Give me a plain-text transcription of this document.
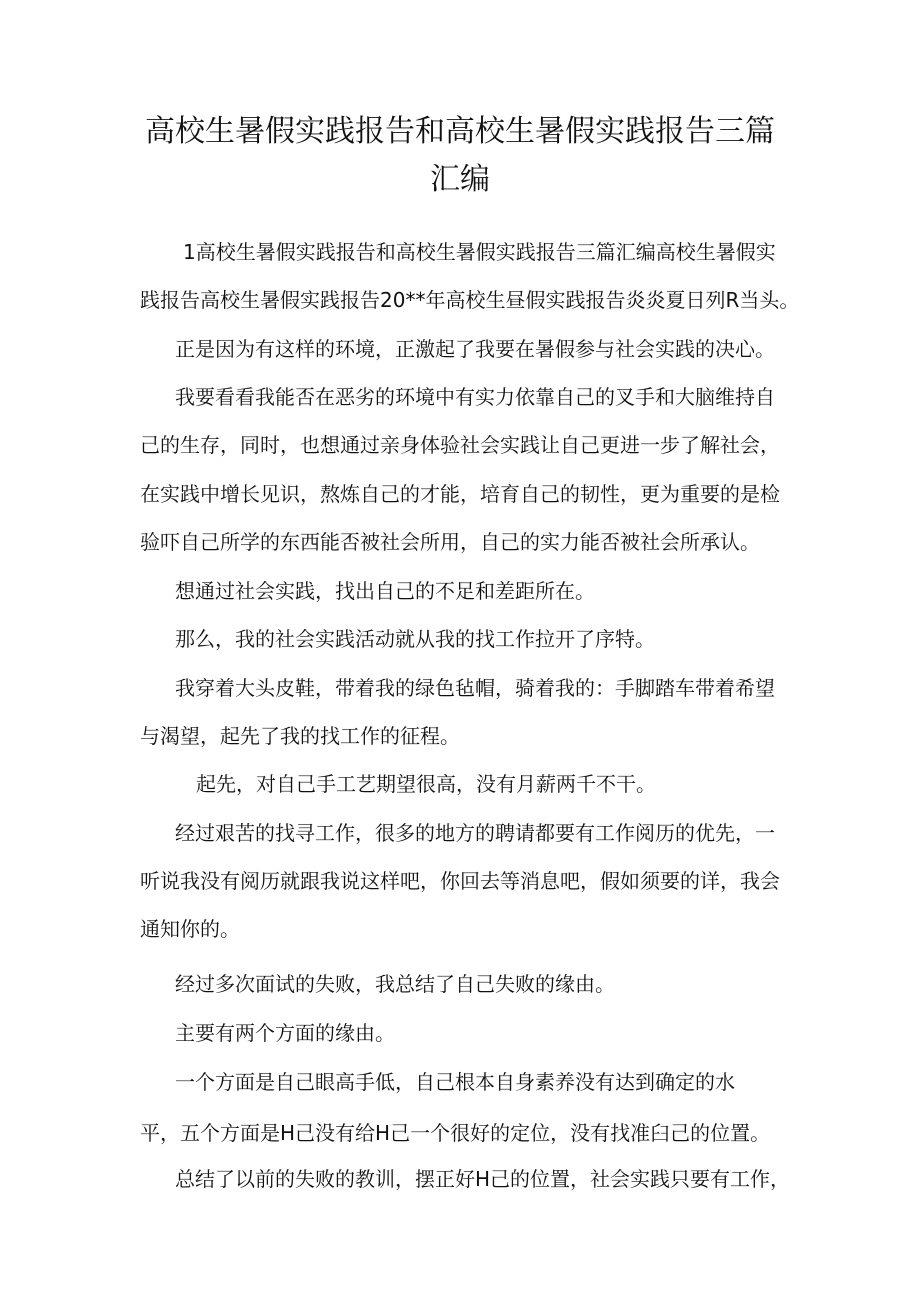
高校生暑假实践报告和高校生暑假实践报告三篇汇编

1高校生暑假实践报告和高校生暑假实践报告三篇汇编高校生暑假实

践报告高校生暑假实践报告20**年高校生昼假实践报告炎炎夏日列R当头。

正是因为有这样的环境，正激起了我要在暑假参与社会实践的决心。

我要看看我能否在恶劣的环境中有实力依靠自己的叉手和大脑维持自

己的生存，同时，也想通过亲身体验社会实践让自己更进一步了解社会，

在实践中增长见识，熬炼自己的才能，培育自己的韧性，更为重要的是检

验吓自己所学的东西能否被社会所用，自己的实力能否被社会所承认。

想通过社会实践，找出自己的不足和差距所在。

那么，我的社会实践活动就从我的找工作拉开了序特。

我穿着大头皮鞋，带着我的绿色毡帽，骑着我的：手脚踏车带着希望

与渴望，起先了我的找工作的征程。

起先，对自己手工艺期望很高，没有月薪两千不干。

经过艰苦的找寻工作，很多的地方的聘请都要有工作阅历的优先，一

听说我没有阅历就跟我说这样吧，你回去等消息吧，假如须要的详，我会

通知你的。

经过多次面试的失败，我总结了自己失败的缘由。

主要有两个方面的缘由。

一个方面是自己眼高手低，自己根本自身素养没有达到确定的水

平，五个方面是H己没有给H己一个很好的定位，没有找准臼己的位置。

总结了以前的失败的教训，摆正好H己的位置，社会实践只要有工作，
